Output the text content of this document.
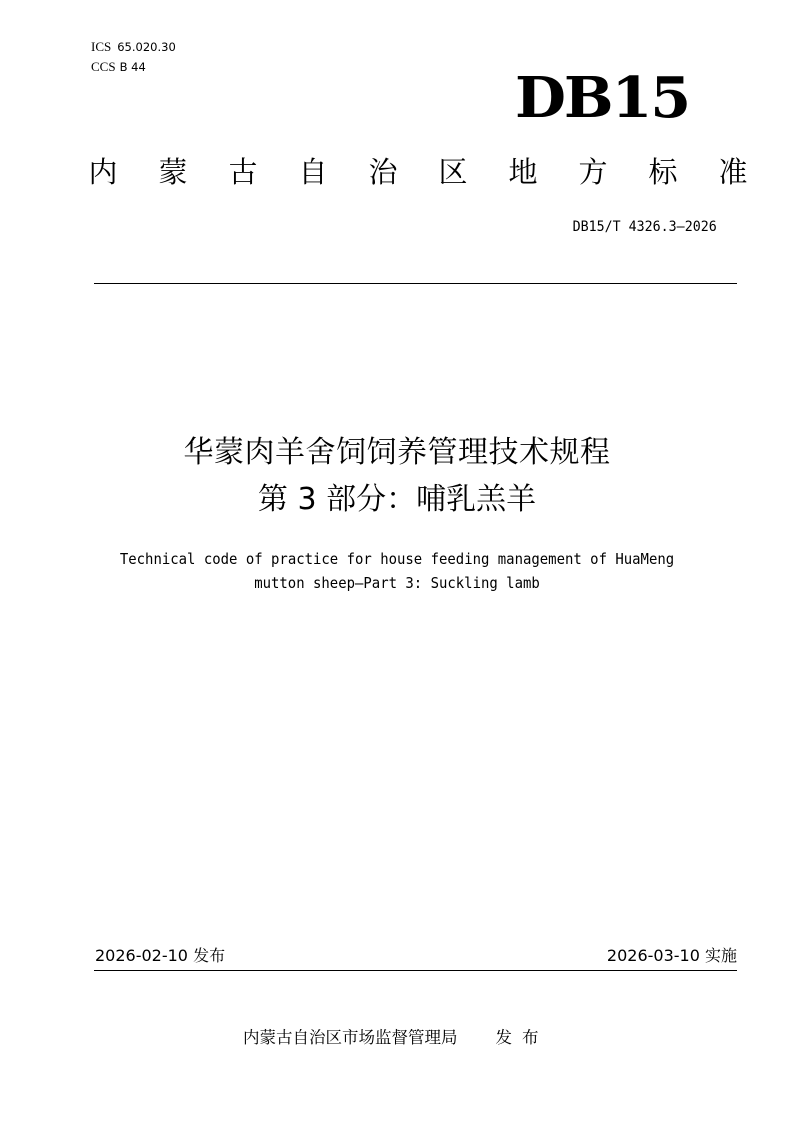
ICS 65.020.30
CCS B 44	DB15
内 蒙 古 自 治 区 地 方 标 准
DB15/T 4326.3—2026
华蒙肉羊舍饲饲养管理技术规程
第 3 部分：哺乳羔羊
Technical code of practice for house feeding management of HuaMeng
mutton sheep—Part 3: Suckling lamb
2026-02-10 发布	2026-03-10 实施
内蒙古自治区市场监督管理局 发布
